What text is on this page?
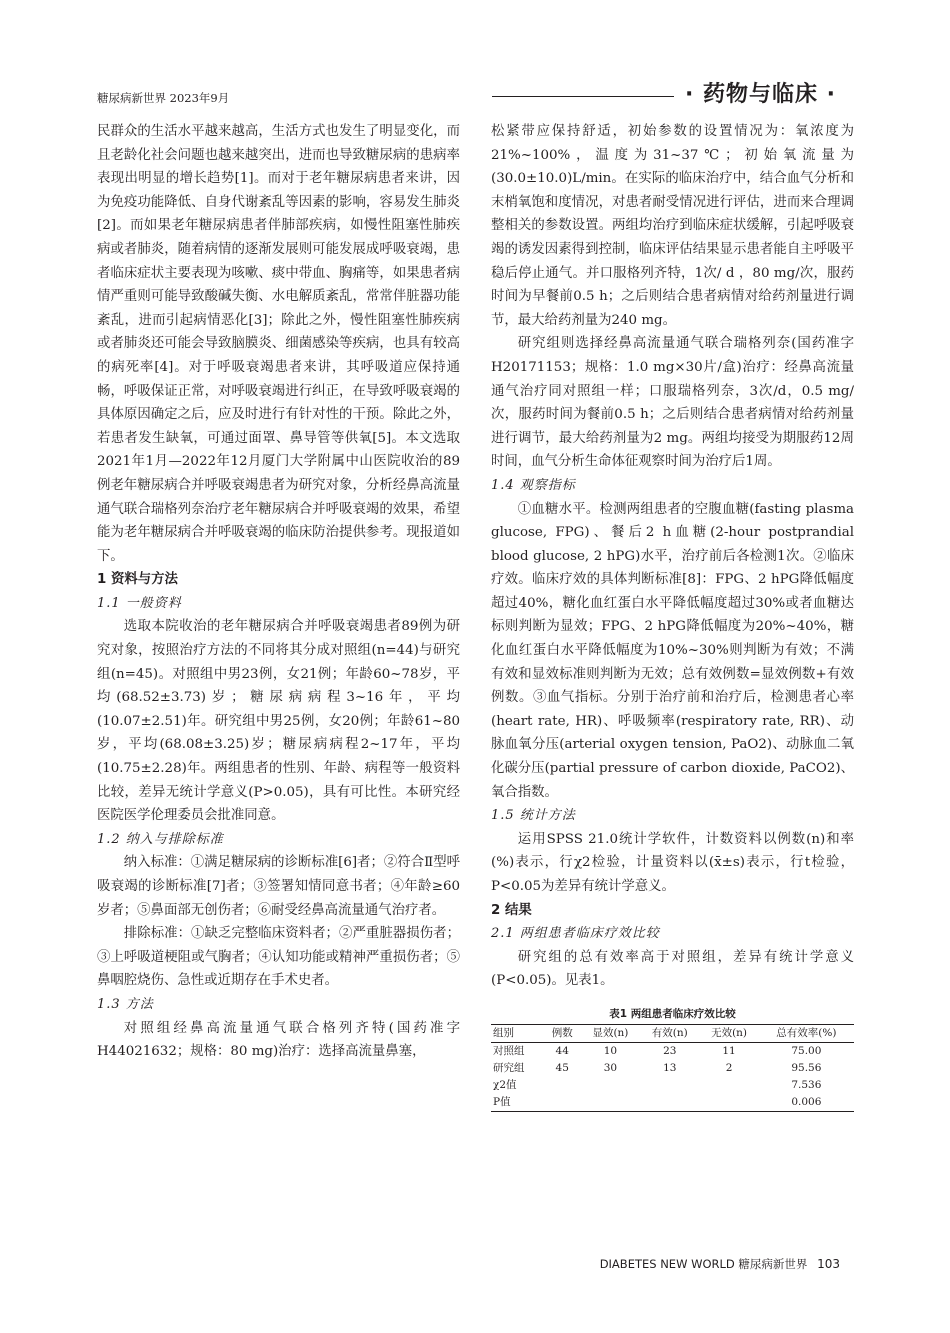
糖尿病新世界 2023年9月	· 药物与临床 ·

民群众的生活水平越来越高，生活方式也发生了明显变化，而且老龄化社会问题也越来越突出，进而也导致糖尿病的患病率表现出明显的增长趋势[1]。而对于老年糖尿病患者来讲，因为免疫功能降低、自身代谢紊乱等因素的影响，容易发生肺炎[2]。而如果老年糖尿病患者伴肺部疾病，如慢性阻塞性肺疾病或者肺炎，随着病情的逐渐发展则可能发展成呼吸衰竭，患者临床症状主要表现为咳嗽、痰中带血、胸痛等，如果患者病情严重则可能导致酸碱失衡、水电解质紊乱，常常伴脏器功能紊乱，进而引起病情恶化[3]；除此之外，慢性阻塞性肺疾病或者肺炎还可能会导致脑膜炎、细菌感染等疾病，也具有较高的病死率[4]。对于呼吸衰竭患者来讲，其呼吸道应保持通畅，呼吸保证正常，对呼吸衰竭进行纠正，在导致呼吸衰竭的具体原因确定之后，应及时进行有针对性的干预。除此之外，若患者发生缺氧，可通过面罩、鼻导管等供氧[5]。本文选取2021年1月—2022年12月厦门大学附属中山医院收治的89例老年糖尿病合并呼吸衰竭患者为研究对象，分析经鼻高流量通气联合瑞格列奈治疗老年糖尿病合并呼吸衰竭的效果，希望能为老年糖尿病合并呼吸衰竭的临床防治提供参考。现报道如下。

1 资料与方法
1.1 一般资料

选取本院收治的老年糖尿病合并呼吸衰竭患者89例为研究对象，按照治疗方法的不同将其分成对照组(n=44)与研究组(n=45)。对照组中男23例，女21例；年龄60~78岁，平均(68.52±3.73)岁；糖尿病病程3~16年，平均(10.07±2.51)年。研究组中男25例，女20例；年龄61~80岁，平均(68.08±3.25)岁；糖尿病病程2~17年，平均(10.75±2.28)年。两组患者的性别、年龄、病程等一般资料比较，差异无统计学意义(P>0.05)，具有可比性。本研究经医院医学伦理委员会批准同意。

1.2 纳入与排除标准

纳入标准：①满足糖尿病的诊断标准[6]者；②符合Ⅱ型呼吸衰竭的诊断标准[7]者；③签署知情同意书者；④年龄≥60岁者；⑤鼻面部无创伤者；⑥耐受经鼻高流量通气治疗者。

排除标准：①缺乏完整临床资料者；②严重脏器损伤者；③上呼吸道梗阻或气胸者；④认知功能或精神严重损伤者；⑤鼻咽腔烧伤、急性或近期存在手术史者。

1.3 方法

对照组经鼻高流量通气联合格列齐特(国药准字H44021632；规格：80 mg)治疗：选择高流量鼻塞，

松紧带应保持舒适，初始参数的设置情况为：氧浓度为21%~100%，温度为31~37℃；初始氧流量为(30.0±10.0)L/min。在实际的临床治疗中，结合血气分析和末梢氧饱和度情况，对患者耐受情况进行评估，进而来合理调整相关的参数设置。两组均治疗到临床症状缓解，引起呼吸衰竭的诱发因素得到控制，临床评估结果显示患者能自主呼吸平稳后停止通气。并口服格列齐特，1次/ d ，80 mg/次，服药时间为早餐前0.5 h；之后则结合患者病情对给药剂量进行调节，最大给药剂量为240 mg。

研究组则选择经鼻高流量通气联合瑞格列奈(国药准字H20171153；规格：1.0 mg×30片/盒)治疗：经鼻高流量通气治疗同对照组一样；口服瑞格列奈，3次/d，0.5 mg/次，服药时间为餐前0.5 h；之后则结合患者病情对给药剂量进行调节，最大给药剂量为2 mg。两组均接受为期服药12周时间，血气分析生命体征观察时间为治疗后1周。

1.4 观察指标

①血糖水平。检测两组患者的空腹血糖(fasting plasma glucose, FPG)、餐后2 h血糖(2-hour postprandial blood glucose, 2 hPG)水平，治疗前后各检测1次。②临床疗效。临床疗效的具体判断标准[8]：FPG、2 hPG降低幅度超过40%，糖化血红蛋白水平降低幅度超过30%或者血糖达标则判断为显效；FPG、2 hPG降低幅度为20%~40%，糖化血红蛋白水平降低幅度为10%~30%则判断为有效；不满有效和显效标准则判断为无效；总有效例数=显效例数+有效例数。③血气指标。分别于治疗前和治疗后，检测患者心率(heart rate, HR)、呼吸频率(respiratory rate, RR)、动脉血氧分压(arterial oxygen tension, PaO2)、动脉血二氧化碳分压(partial pressure of carbon dioxide, PaCO2)、氧合指数。

1.5 统计方法

运用SPSS 21.0统计学软件，计数资料以例数(n)和率(%)表示，行χ2检验，计量资料以(x̄±s)表示，行t检验，P<0.05为差异有统计学意义。

2 结果
2.1 两组患者临床疗效比较

研究组的总有效率高于对照组，差异有统计学意义(P<0.05)。见表1。

表1 两组患者临床疗效比较
组别	例数	显效(n)	有效(n)	无效(n)	总有效率(%)
对照组	44	10	23	11	75.00
研究组	45	30	13	2	95.56
χ2值					7.536
P值					0.006
DIABETES NEW WORLD 糖尿病新世界 103
